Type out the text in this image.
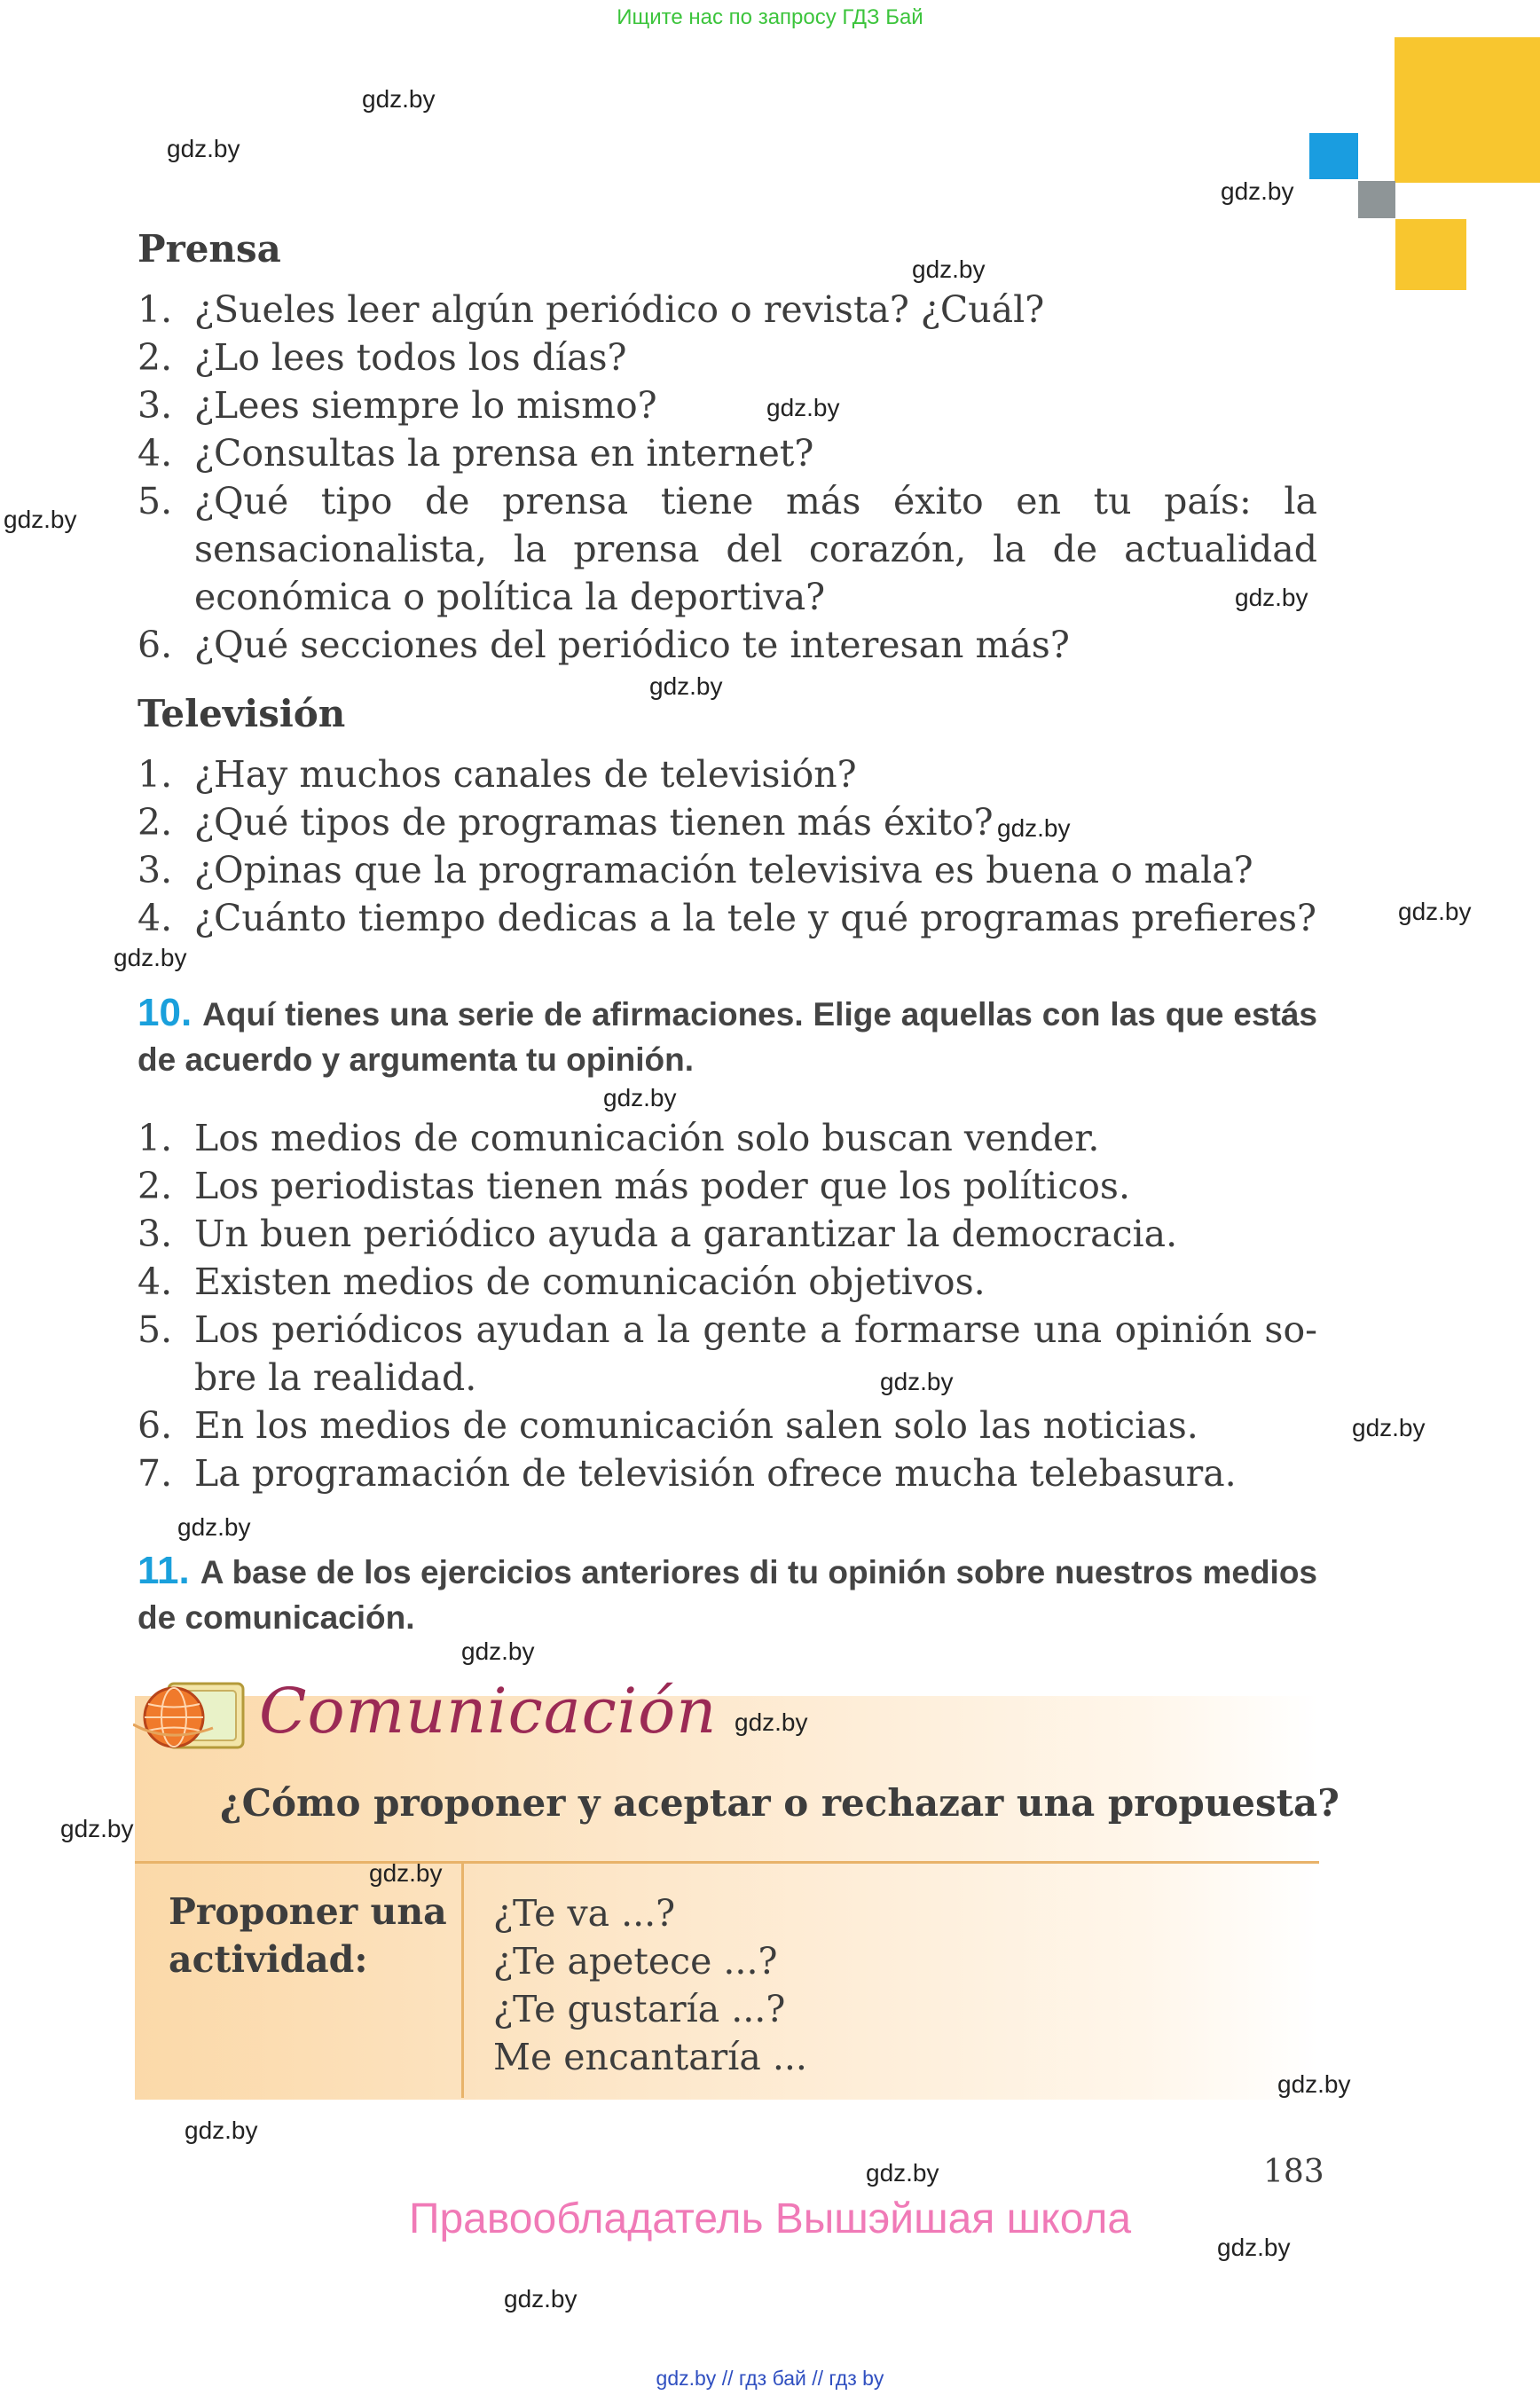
Ищите нас по запросу ГДЗ Бай
Prensa
1. ¿Sueles leer algún periódico o revista? ¿Cuál?
2. ¿Lo lees todos los días?
3. ¿Lees siempre lo mismo?
4. ¿Consultas la prensa en internet?
5. ¿Qué tipo de prensa tiene más éxito en tu país: la sensacionalista, la prensa del corazón, la de actualidad económica o política la deportiva?
6. ¿Qué secciones del periódico te interesan más?
Televisión
1. ¿Hay muchos canales de televisión?
2. ¿Qué tipos de programas tienen más éxito?
3. ¿Opinas que la programación televisiva es buena o mala?
4. ¿Cuánto tiempo dedicas a la tele y qué programas prefieres?
10. Aquí tienes una serie de afirmaciones. Elige aquellas con las que estás de acuerdo y argumenta tu opinión.
1. Los medios de comunicación solo buscan vender.
2. Los periodistas tienen más poder que los políticos.
3. Un buen periódico ayuda a garantizar la democracia.
4. Existen medios de comunicación objetivos.
5. Los periódicos ayudan a la gente a formarse una opinión sobre la realidad.
6. En los medios de comunicación salen solo las noticias.
7. La programación de televisión ofrece mucha telebasura.
11. A base de los ejercicios anteriores di tu opinión sobre nuestros medios de comunicación.
Comunicación
¿Cómo proponer y aceptar o rechazar una propuesta?
Proponer una actividad:
¿Te va ...?
¿Te apetece ...?
¿Te gustaría ...?
Me encantaría ...
183
Правообладатель Вышэйшая школа
gdz.by // гдз бай // гдз by
gdz.by
gdz.by
gdz.by
gdz.by
gdz.by
gdz.by
gdz.by
gdz.by
gdz.by
gdz.by
gdz.by
gdz.by
gdz.by
gdz.by
gdz.by
gdz.by
gdz.by
gdz.by
gdz.by
gdz.by
gdz.by
gdz.by
gdz.by
gdz.by
